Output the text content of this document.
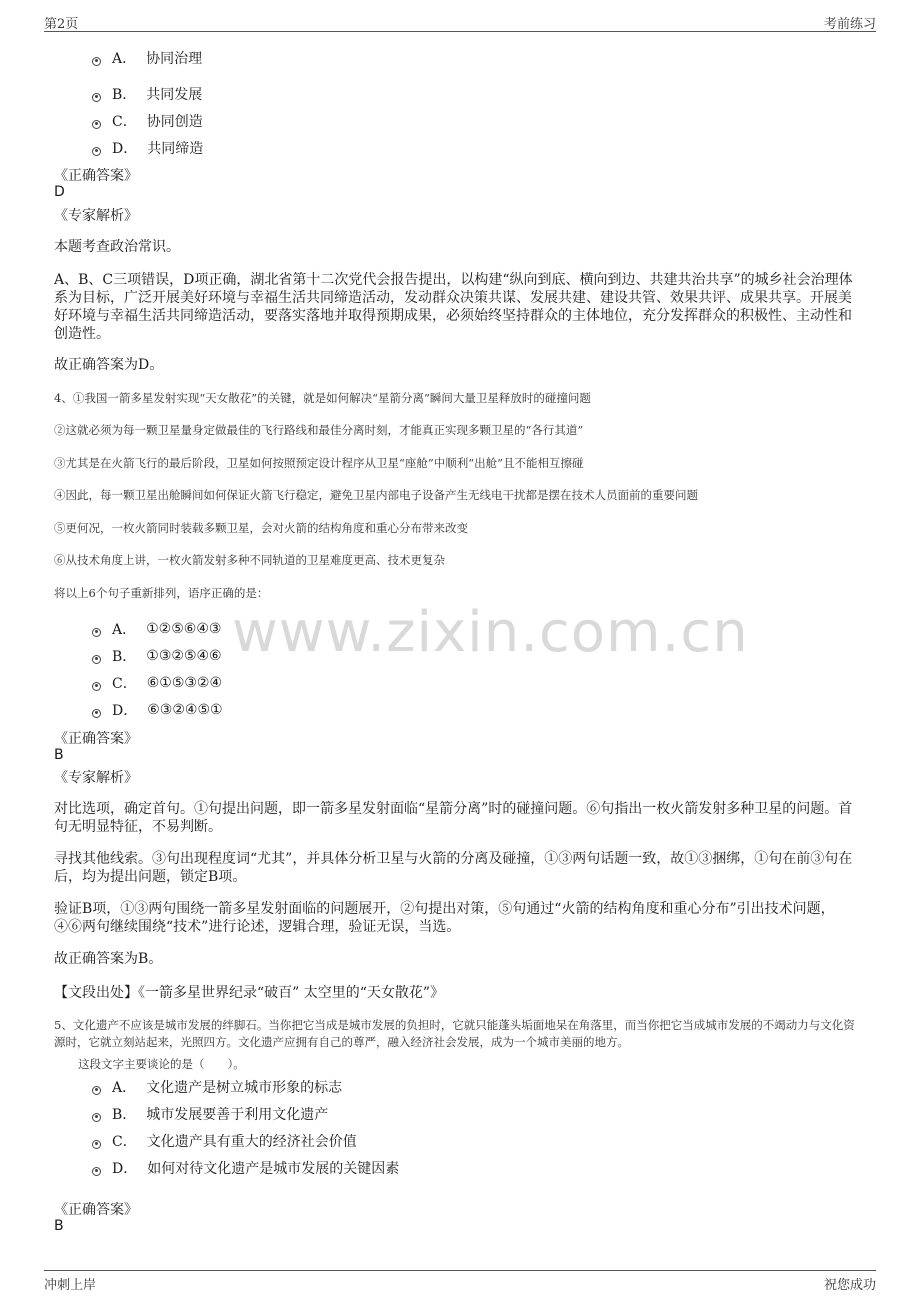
第2页	考前练习
www.zixin.com.cn
A． 协同治理
B． 共同发展
C． 协同创造
D． 共同缔造
《正确答案》
D
《专家解析》
本题考查政治常识。
A、B、C三项错误，D项正确，湖北省第十二次党代会报告提出，以构建“纵向到底、横向到边、共建共治共享”的城乡社会治理体系为目标，广泛开展美好环境与幸福生活共同缔造活动，发动群众决策共谋、发展共建、建设共管、效果共评、成果共享。开展美好环境与幸福生活共同缔造活动，要落实落地并取得预期成果，必须始终坚持群众的主体地位，充分发挥群众的积极性、主动性和创造性。
故正确答案为D。
4、①我国一箭多星发射实现“天女散花”的关键，就是如何解决“星箭分离”瞬间大量卫星释放时的碰撞问题
②这就必须为每一颗卫星量身定做最佳的飞行路线和最佳分离时刻，才能真正实现多颗卫星的“各行其道”
③尤其是在火箭飞行的最后阶段，卫星如何按照预定设计程序从卫星“座舱”中顺利“出舱”且不能相互擦碰
④因此，每一颗卫星出舱瞬间如何保证火箭飞行稳定，避免卫星内部电子设备产生无线电干扰都是摆在技术人员面前的重要问题
⑤更何况，一枚火箭同时装载多颗卫星，会对火箭的结构角度和重心分布带来改变
⑥从技术角度上讲，一枚火箭发射多种不同轨道的卫星难度更高、技术更复杂
将以上6个句子重新排列，语序正确的是：
A． ①②⑤⑥④③
B． ①③②⑤④⑥
C． ⑥①⑤③②④
D． ⑥③②④⑤①
《正确答案》
B
《专家解析》
对比选项，确定首句。①句提出问题，即一箭多星发射面临“星箭分离”时的碰撞问题。⑥句指出一枚火箭发射多种卫星的问题。首句无明显特征，不易判断。
寻找其他线索。③句出现程度词“尤其”，并具体分析卫星与火箭的分离及碰撞，①③两句话题一致，故①③捆绑，①句在前③句在后，均为提出问题，锁定B项。
验证B项，①③两句围绕一箭多星发射面临的问题展开，②句提出对策，⑤句通过“火箭的结构角度和重心分布”引出技术问题，④⑥两句继续围绕“技术”进行论述，逻辑合理，验证无误，当选。
故正确答案为B。
【文段出处】《一箭多星世界纪录“破百” 太空里的“天女散花”》
5、文化遗产不应该是城市发展的绊脚石。当你把它当成是城市发展的负担时，它就只能蓬头垢面地呆在角落里，而当你把它当成城市发展的不竭动力与文化资源时，它就立刻站起来，光照四方。文化遗产应拥有自己的尊严，融入经济社会发展，成为一个城市美丽的地方。
这段文字主要谈论的是（　　）。
A． 文化遗产是树立城市形象的标志
B． 城市发展要善于利用文化遗产
C． 文化遗产具有重大的经济社会价值
D． 如何对待文化遗产是城市发展的关键因素
《正确答案》
B
冲刺上岸	祝您成功
